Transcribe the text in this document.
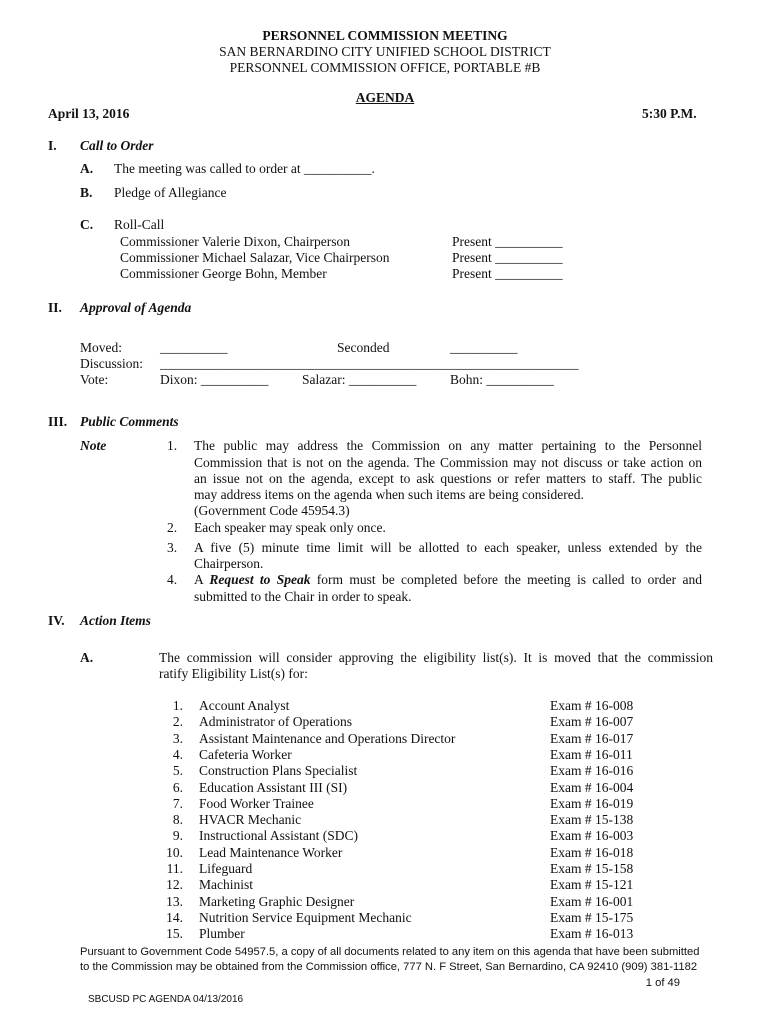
PERSONNEL COMMISSION MEETING
SAN BERNARDINO CITY UNIFIED SCHOOL DISTRICT
PERSONNEL COMMISSION OFFICE, PORTABLE #B
AGENDA
April 13, 2016	5:30 P.M.
I. Call to Order
A. The meeting was called to order at __________.
B. Pledge of Allegiance
C. Roll-Call
Commissioner Valerie Dixon, Chairperson	Present __________
Commissioner Michael Salazar, Vice Chairperson	Present __________
Commissioner George Bohn, Member	Present __________
II. Approval of Agenda
Moved:	__________	Seconded	__________
Discussion: ______________________________________________________________
Vote:	Dixon: __________ Salazar: __________ Bohn: __________
III. Public Comments
Note	1. The public may address the Commission on any matter pertaining to the Personnel
Commission that is not on the agenda. The Commission may not discuss or take action on
an issue not on the agenda, except to ask questions or refer matters to staff. The public
may address items on the agenda when such items are being considered.
(Government Code 45954.3)
2. Each speaker may speak only once.
3. A five (5) minute time limit will be allotted to each speaker, unless extended by the
Chairperson.
4. A Request to Speak form must be completed before the meeting is called to order and
submitted to the Chair in order to speak.
IV. Action Items
A.	The commission will consider approving the eligibility list(s). It is moved that the commission
ratify Eligibility List(s) for:
1. Account Analyst	Exam # 16-008
2. Administrator of Operations	Exam # 16-007
3. Assistant Maintenance and Operations Director	Exam # 16-017
4. Cafeteria Worker	Exam # 16-011
5. Construction Plans Specialist	Exam # 16-016
6. Education Assistant III (SI)	Exam # 16-004
7. Food Worker Trainee	Exam # 16-019
8. HVACR Mechanic	Exam # 15-138
9. Instructional Assistant (SDC)	Exam # 16-003
10. Lead Maintenance Worker	Exam # 16-018
11. Lifeguard	Exam # 15-158
12. Machinist	Exam # 15-121
13. Marketing Graphic Designer	Exam # 16-001
14. Nutrition Service Equipment Mechanic	Exam # 15-175
15. Plumber	Exam # 16-013
Pursuant to Government Code 54957.5, a copy of all documents related to any item on this agenda that have been submitted
to the Commission may be obtained from the Commission office, 777 N. F Street, San Bernardino, CA 92410 (909) 381-1182
1 of 49
SBCUSD PC AGENDA 04/13/2016
